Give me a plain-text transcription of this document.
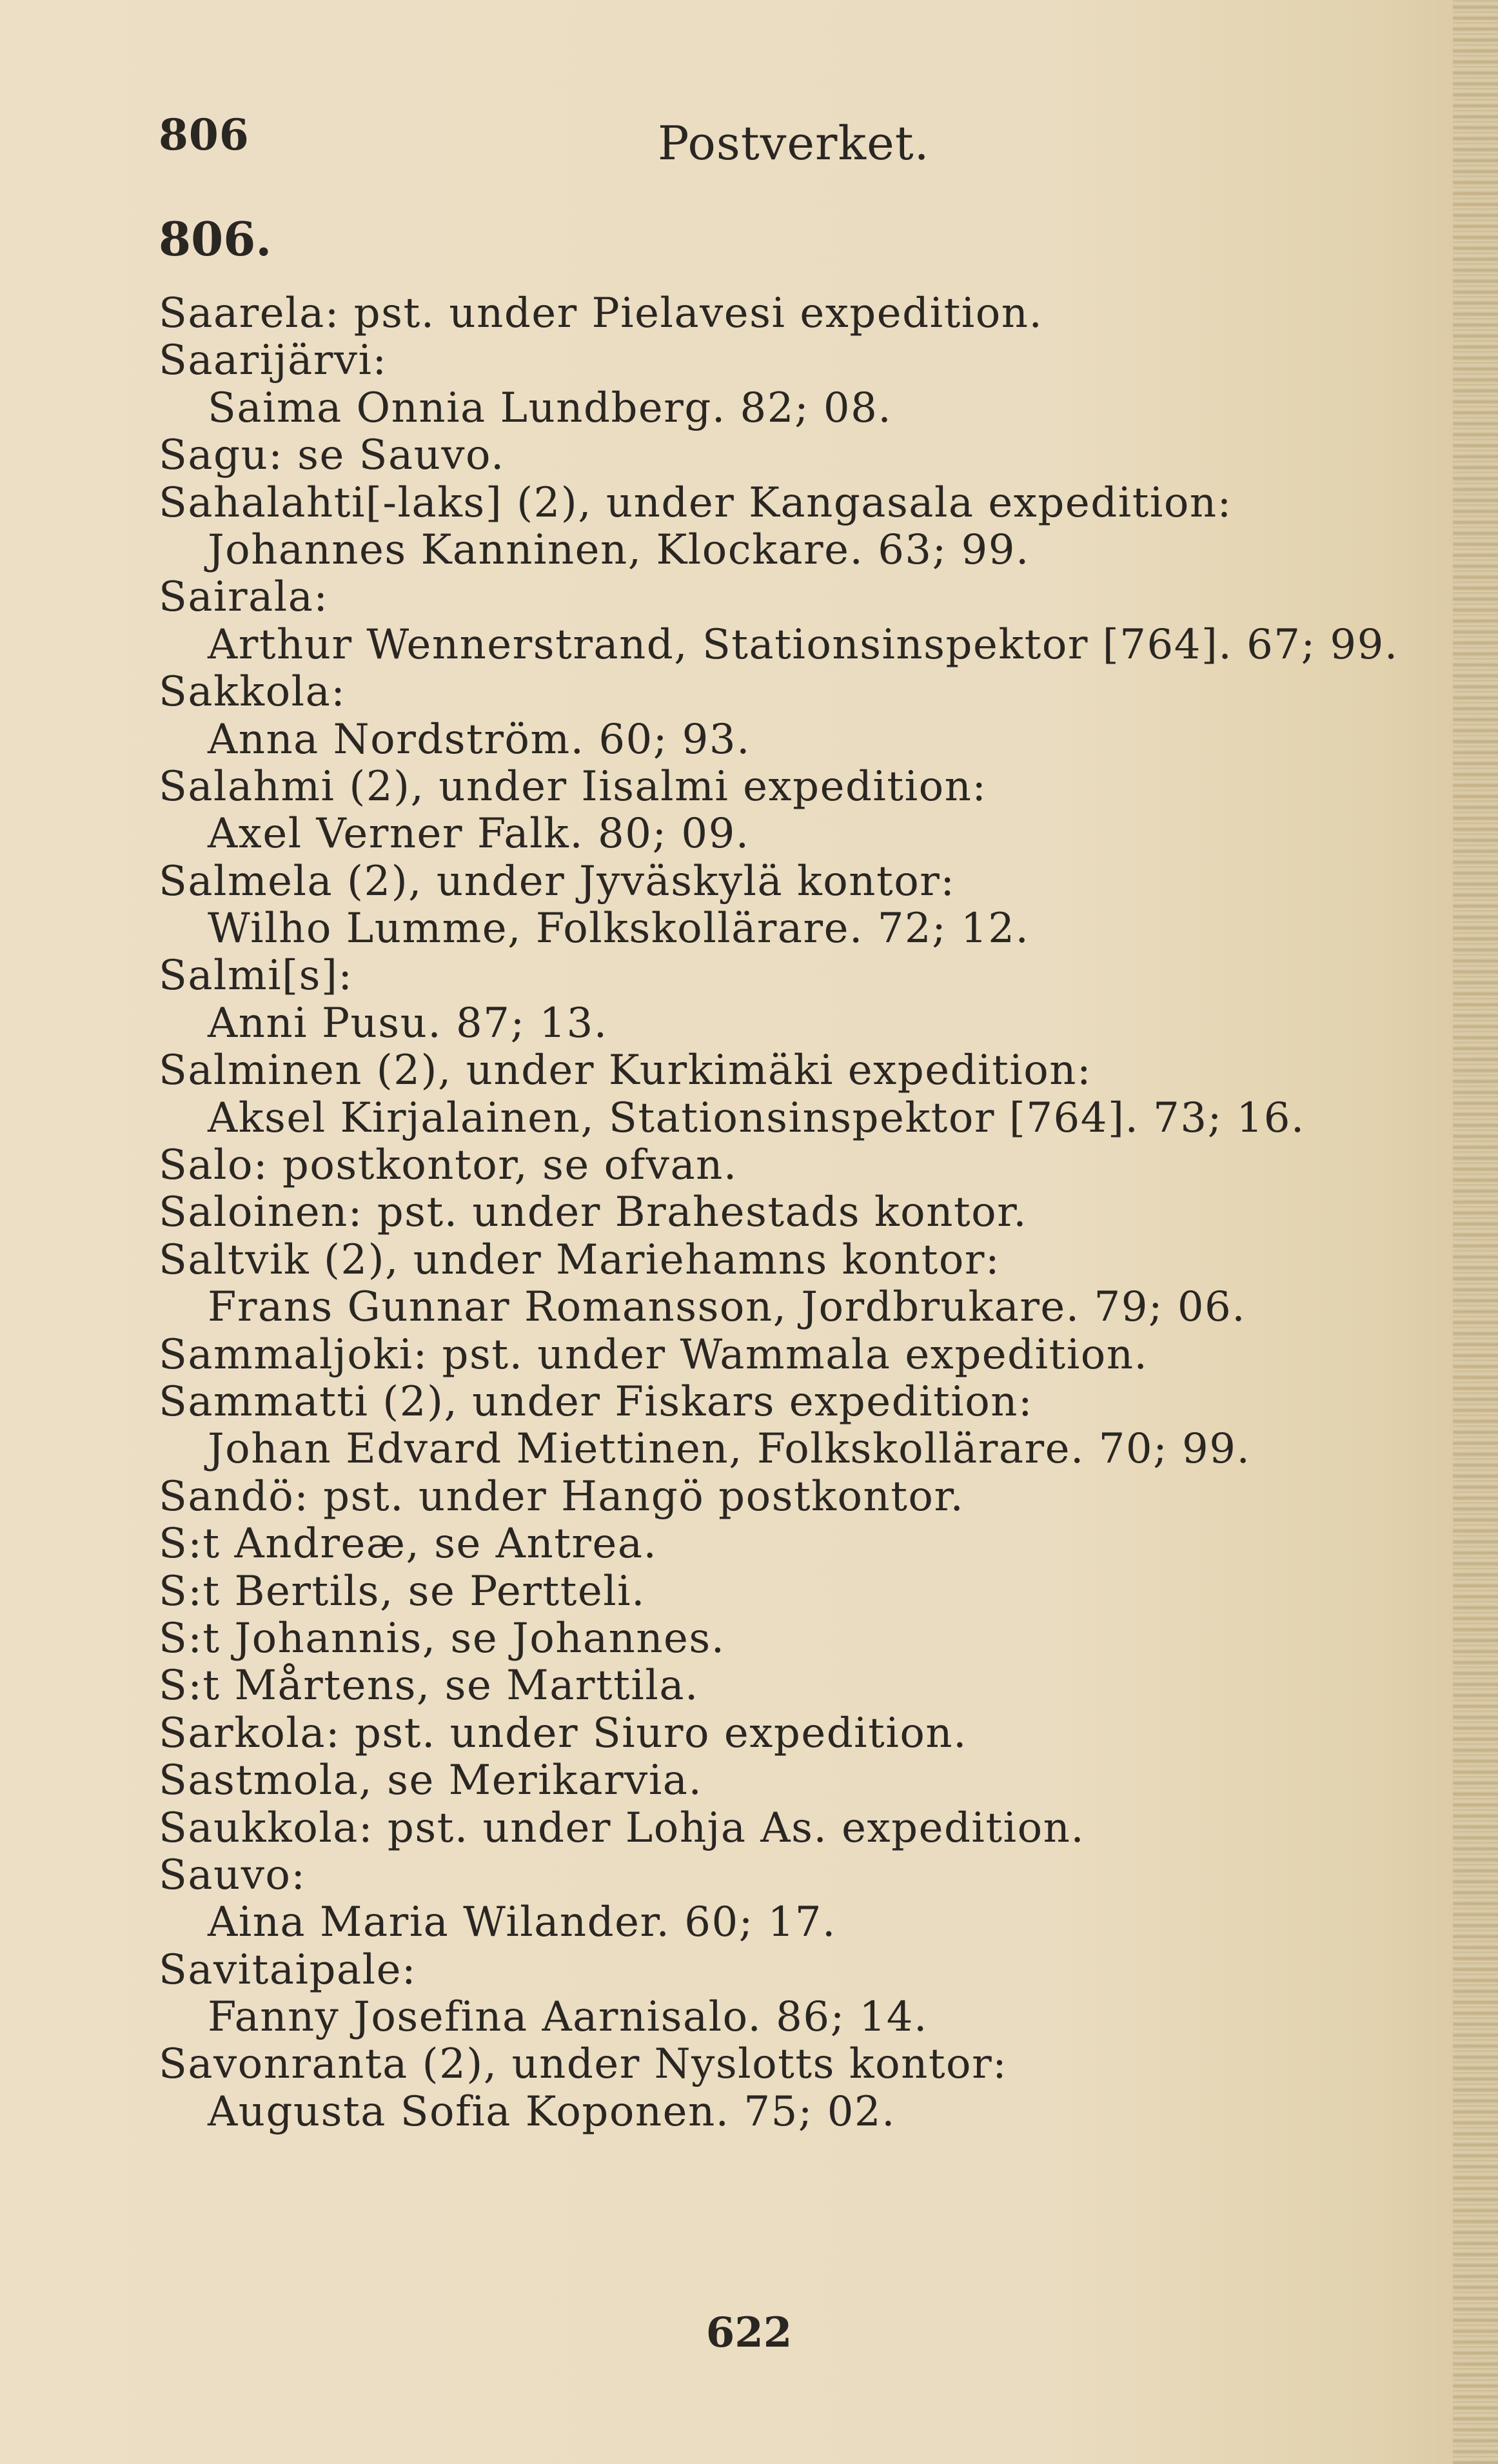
806	Postverket.
806.
Saarela: pst. under Pielavesi expedition.
Saarijärvi:
Saima Onnia Lundberg. 82; 08.
Sagu: se Sauvo.
Sahalahti[-laks] (2), under Kangasala expedition:
Johannes Kanninen, Klockare. 63; 99.
Sairala:
Arthur Wennerstrand, Stationsinspektor [764]. 67; 99.
Sakkola:
Anna Nordström. 60; 93.
Salahmi (2), under Iisalmi expedition:
Axel Verner Falk. 80; 09.
Salmela (2), under Jyväskylä kontor:
Wilho Lumme, Folkskollärare. 72; 12.
Salmi[s]:
Anni Pusu. 87; 13.
Salminen (2), under Kurkimäki expedition:
Aksel Kirjalainen, Stationsinspektor [764]. 73; 16.
Salo: postkontor, se ofvan.
Saloinen: pst. under Brahestads kontor.
Saltvik (2), under Mariehamns kontor:
Frans Gunnar Romansson, Jordbrukare. 79; 06.
Sammaljoki: pst. under Wammala expedition.
Sammatti (2), under Fiskars expedition:
Johan Edvard Miettinen, Folkskollärare. 70; 99.
Sandö: pst. under Hangö postkontor.
S:t Andreæ, se Antrea.
S:t Bertils, se Pertteli.
S:t Johannis, se Johannes.
S:t Mårtens, se Marttila.
Sarkola: pst. under Siuro expedition.
Sastmola, se Merikarvia.
Saukkola: pst. under Lohja As. expedition.
Sauvo:
Aina Maria Wilander. 60; 17.
Savitaipale:
Fanny Josefina Aarnisalo. 86; 14.
Savonranta (2), under Nyslotts kontor:
Augusta Sofia Koponen. 75; 02.
622
